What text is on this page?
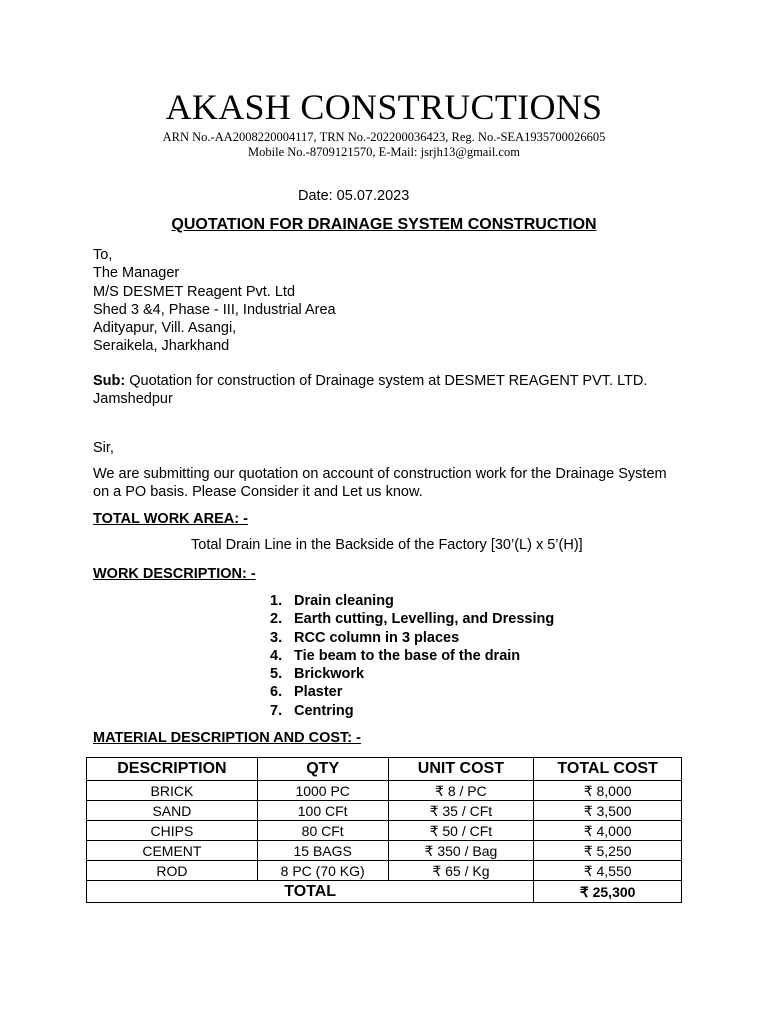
AKASH CONSTRUCTIONS
ARN No.-AA2008220004117, TRN No.-202200036423, Reg. No.-SEA1935700026605
Mobile No.-8709121570, E-Mail: jsrjh13@gmail.com
Date: 05.07.2023
QUOTATION FOR DRAINAGE SYSTEM CONSTRUCTION
To,
The Manager
M/S DESMET Reagent Pvt. Ltd
Shed 3 &4, Phase - III, Industrial Area
Adityapur, Vill. Asangi,
Seraikela, Jharkhand
Sub: Quotation for construction of Drainage system at DESMET REAGENT PVT. LTD. Jamshedpur
Sir,
We are submitting our quotation on account of construction work for the Drainage System on a PO basis. Please Consider it and Let us know.
TOTAL WORK AREA: -
Total Drain Line in the Backside of the Factory [30’(L) x 5’(H)]
WORK DESCRIPTION: -
1. Drain cleaning
2. Earth cutting, Levelling, and Dressing
3. RCC column in 3 places
4. Tie beam to the base of the drain
5. Brickwork
6. Plaster
7. Centring
MATERIAL DESCRIPTION AND COST: -
DESCRIPTION	QTY	UNIT COST	TOTAL COST
BRICK	1000 PC	₹ 8 / PC	₹ 8,000
SAND	100 CFt	₹ 35 / CFt	₹ 3,500
CHIPS	80 CFt	₹ 50 / CFt	₹ 4,000
CEMENT	15 BAGS	₹ 350 / Bag	₹ 5,250
ROD	8 PC (70 KG)	₹ 65 / Kg	₹ 4,550
TOTAL			₹ 25,300
